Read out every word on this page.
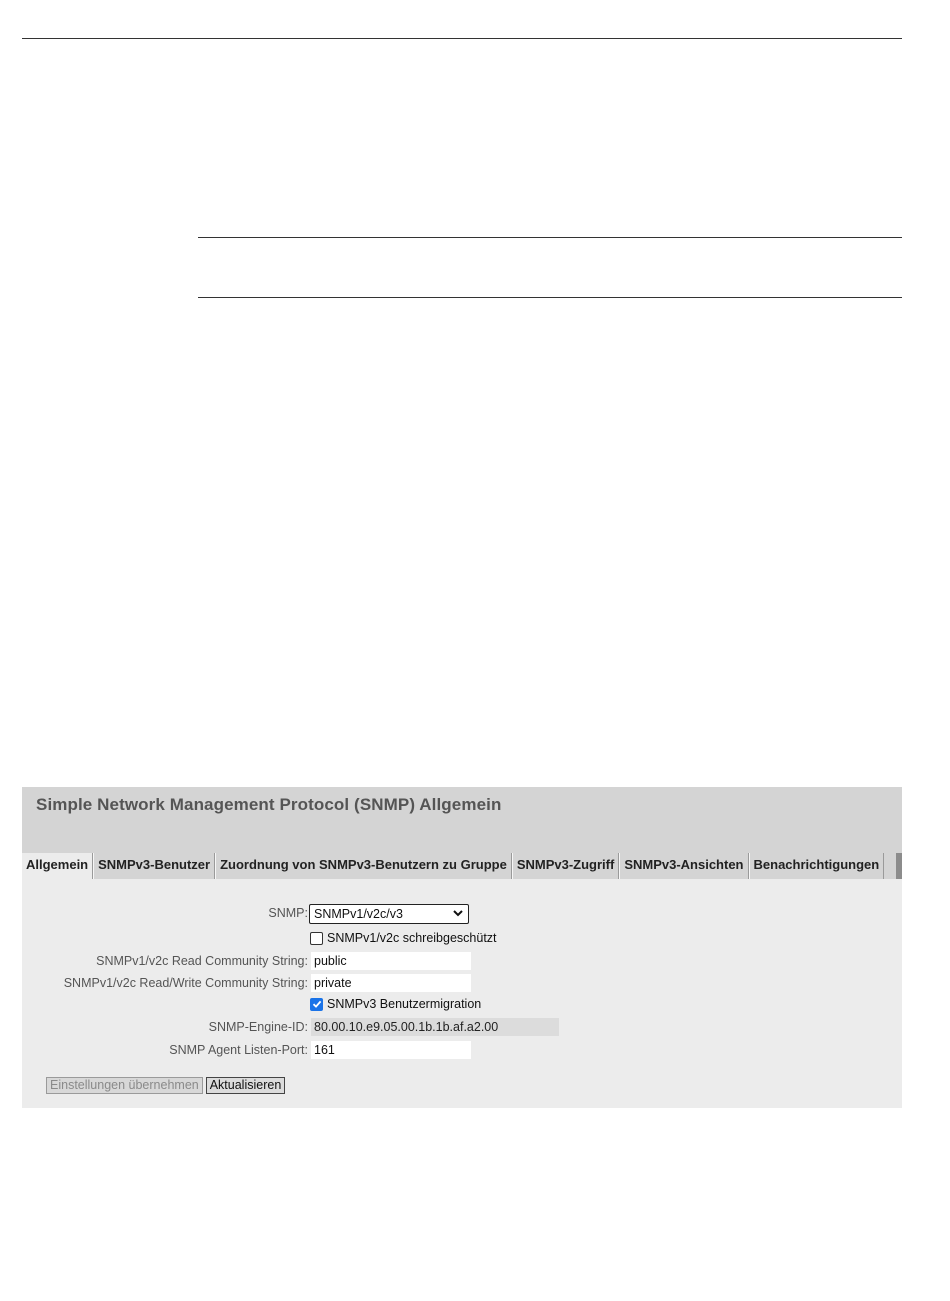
Simple Network Management Protocol (SNMP) Allgemein
Allgemein SNMPv3-Benutzer Zuordnung von SNMPv3-Benutzern zu Gruppe SNMPv3-Zugriff SNMPv3-Ansichten Benachrichtigungen
SNMP: SNMPv1/v2c/v3
SNMPv1/v2c schreibgeschützt
SNMPv1/v2c Read Community String:
public
SNMPv1/v2c Read/Write Community String:
private
SNMPv3 Benutzermigration
SNMP-Engine-ID: 80.00.10.e9.05.00.1b.1b.af.a2.00
SNMP Agent Listen-Port:
161
Einstellungen übernehmen Aktualisieren
